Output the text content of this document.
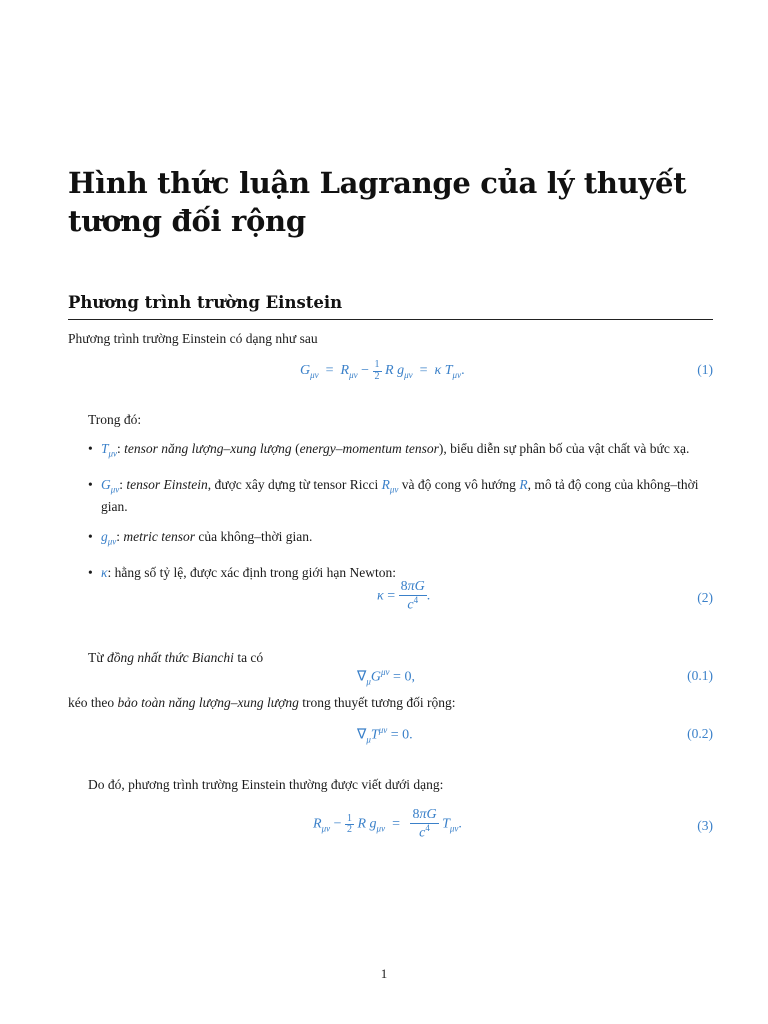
Hình thức luận Lagrange của lý thuyết tương đối rộng
Phương trình trường Einstein
Phương trình trường Einstein có dạng như sau
$G_{\mu\nu} = R_{\mu\nu} - \frac{1}{2}$ R $g_{\mu\nu} = \kappa$ $T_{\mu\nu}$.	(1)
Trong đó:
• $T_{\mu\nu}$: tensor năng lượng–xung lượng (energy–momentum tensor), biểu diễn sự phân bố của vật chất và bức xạ.
• $G_{\mu\nu}$: tensor Einstein, được xây dựng từ tensor Ricci $R_{\mu\nu}$ và độ cong vô hướng R, mô tả độ cong của không–thời gian.
• $g_{\mu\nu}$: metric tensor của không–thời gian.
• κ: hằng số tỷ lệ, được xác định trong giới hạn Newton:
$\kappa = \frac{8\pi G}{c^4}$ .	(2)
Từ đồng nhất thức Bianchi ta có
$\nabla_\mu G^{\mu\nu} = 0$,	(0.1)
kéo theo bảo toàn năng lượng–xung lượng trong thuyết tương đối rộng:
$\nabla_\mu T^{\mu\nu} = 0$.	(0.2)
Do đó, phương trình trường Einstein thường được viết dưới dạng:
$R_{\mu\nu} - \frac{1}{2}$ R $g_{\mu\nu} = \frac{8\pi G}{c^4} T_{\mu\nu}$.	(3)
1
